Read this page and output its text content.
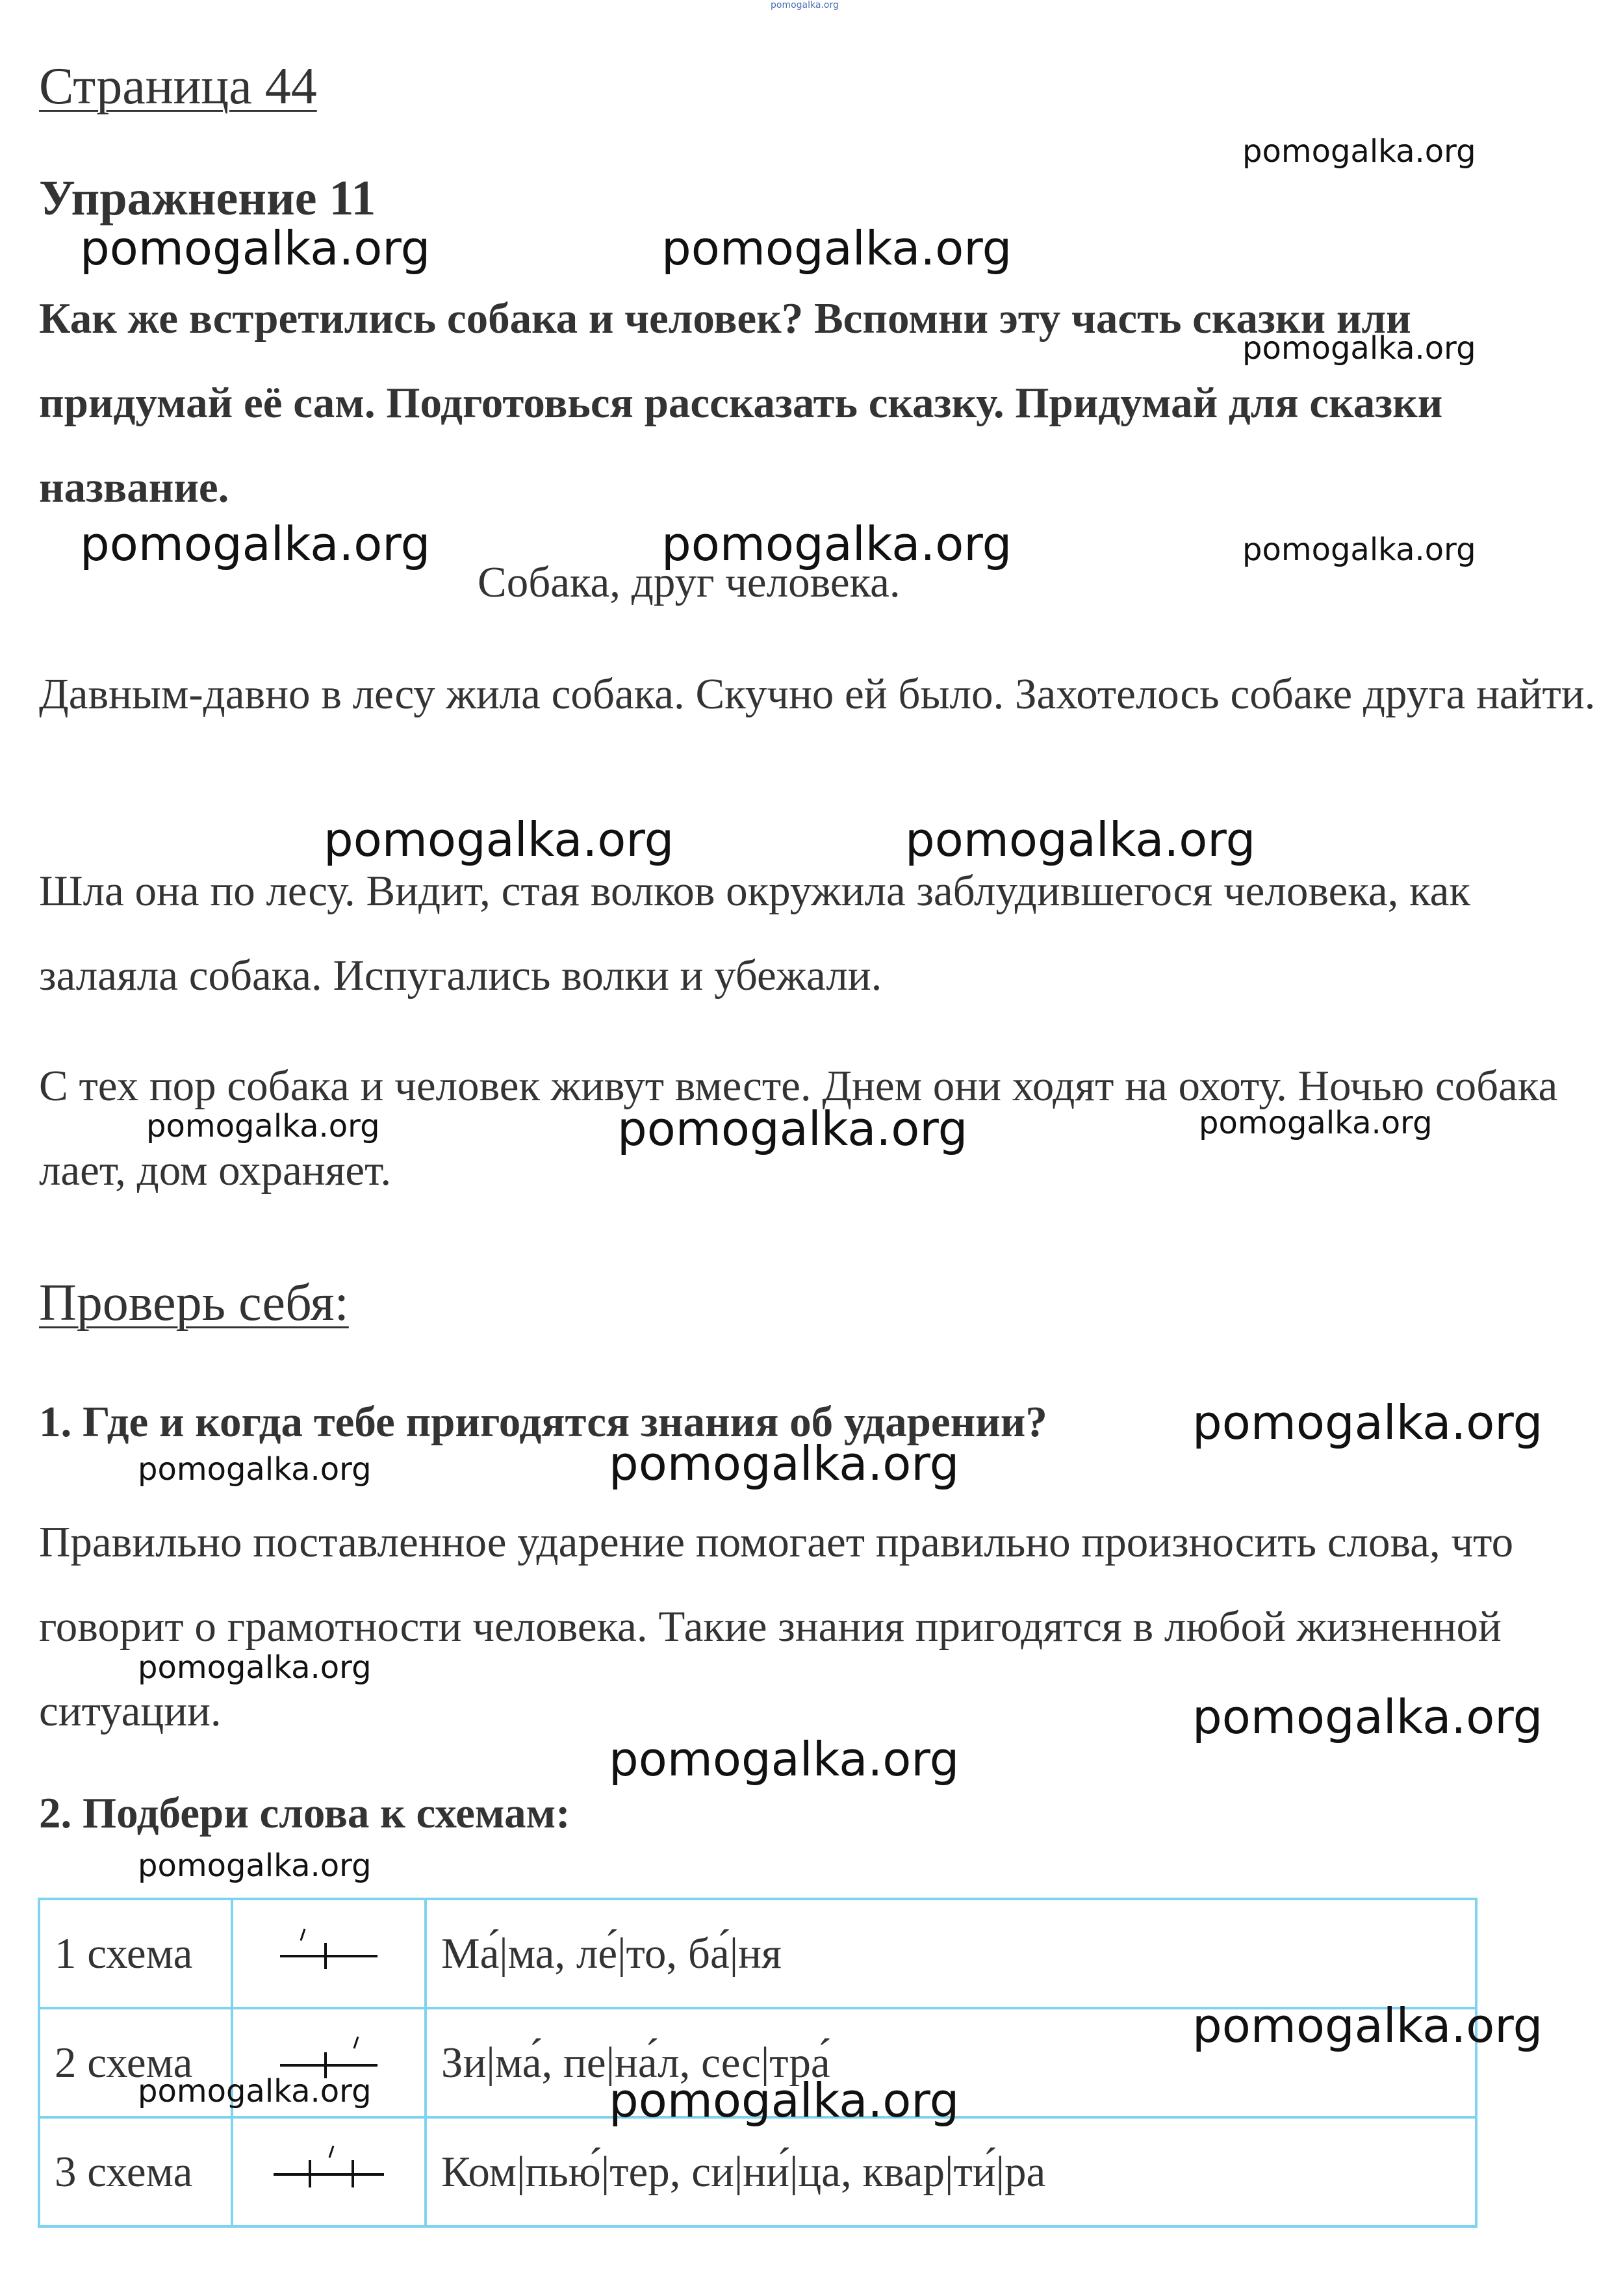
pomogalka.org
Страница 44
Упражнение 11
Как же встретились собака и человек? Вспомни эту часть сказки или придумай её сам. Подготовься рассказать сказку. Придумай для сказки название.
Собака, друг человека.
Давным-давно в лесу жила собака. Скучно ей было. Захотелось собаке друга найти.
Шла она по лесу. Видит, стая волков окружила заблудившегося человека, как залаяла собака. Испугались волки и убежали.
С тех пор собака и человек живут вместе. Днем они ходят на охоту. Ночью собака лает, дом охраняет.
Проверь себя:
1. Где и когда тебе пригодятся знания об ударении?
Правильно поставленное ударение помогает правильно произносить слова, что говорит о грамотности человека. Такие знания пригодятся в любой жизненной ситуации.
2. Подбери слова к схемам:
1 схема		Ма́|ма, ле́|то, ба́|ня
2 схема		Зи|ма́, пе|на́л, сес|тра́
3 схема		Ком|пью́|тер, си|ни́|ца, квар|ти́|ра
pomogalka.org
pomogalka.org	pomogalka.org
pomogalka.org
pomogalka.org	pomogalka.org	pomogalka.org
pomogalka.org	pomogalka.org
pomogalka.org	pomogalka.org	pomogalka.org
pomogalka.org
pomogalka.org	pomogalka.org
pomogalka.org
pomogalka.org
pomogalka.org
pomogalka.org
pomogalka.org
pomogalka.org	pomogalka.org
